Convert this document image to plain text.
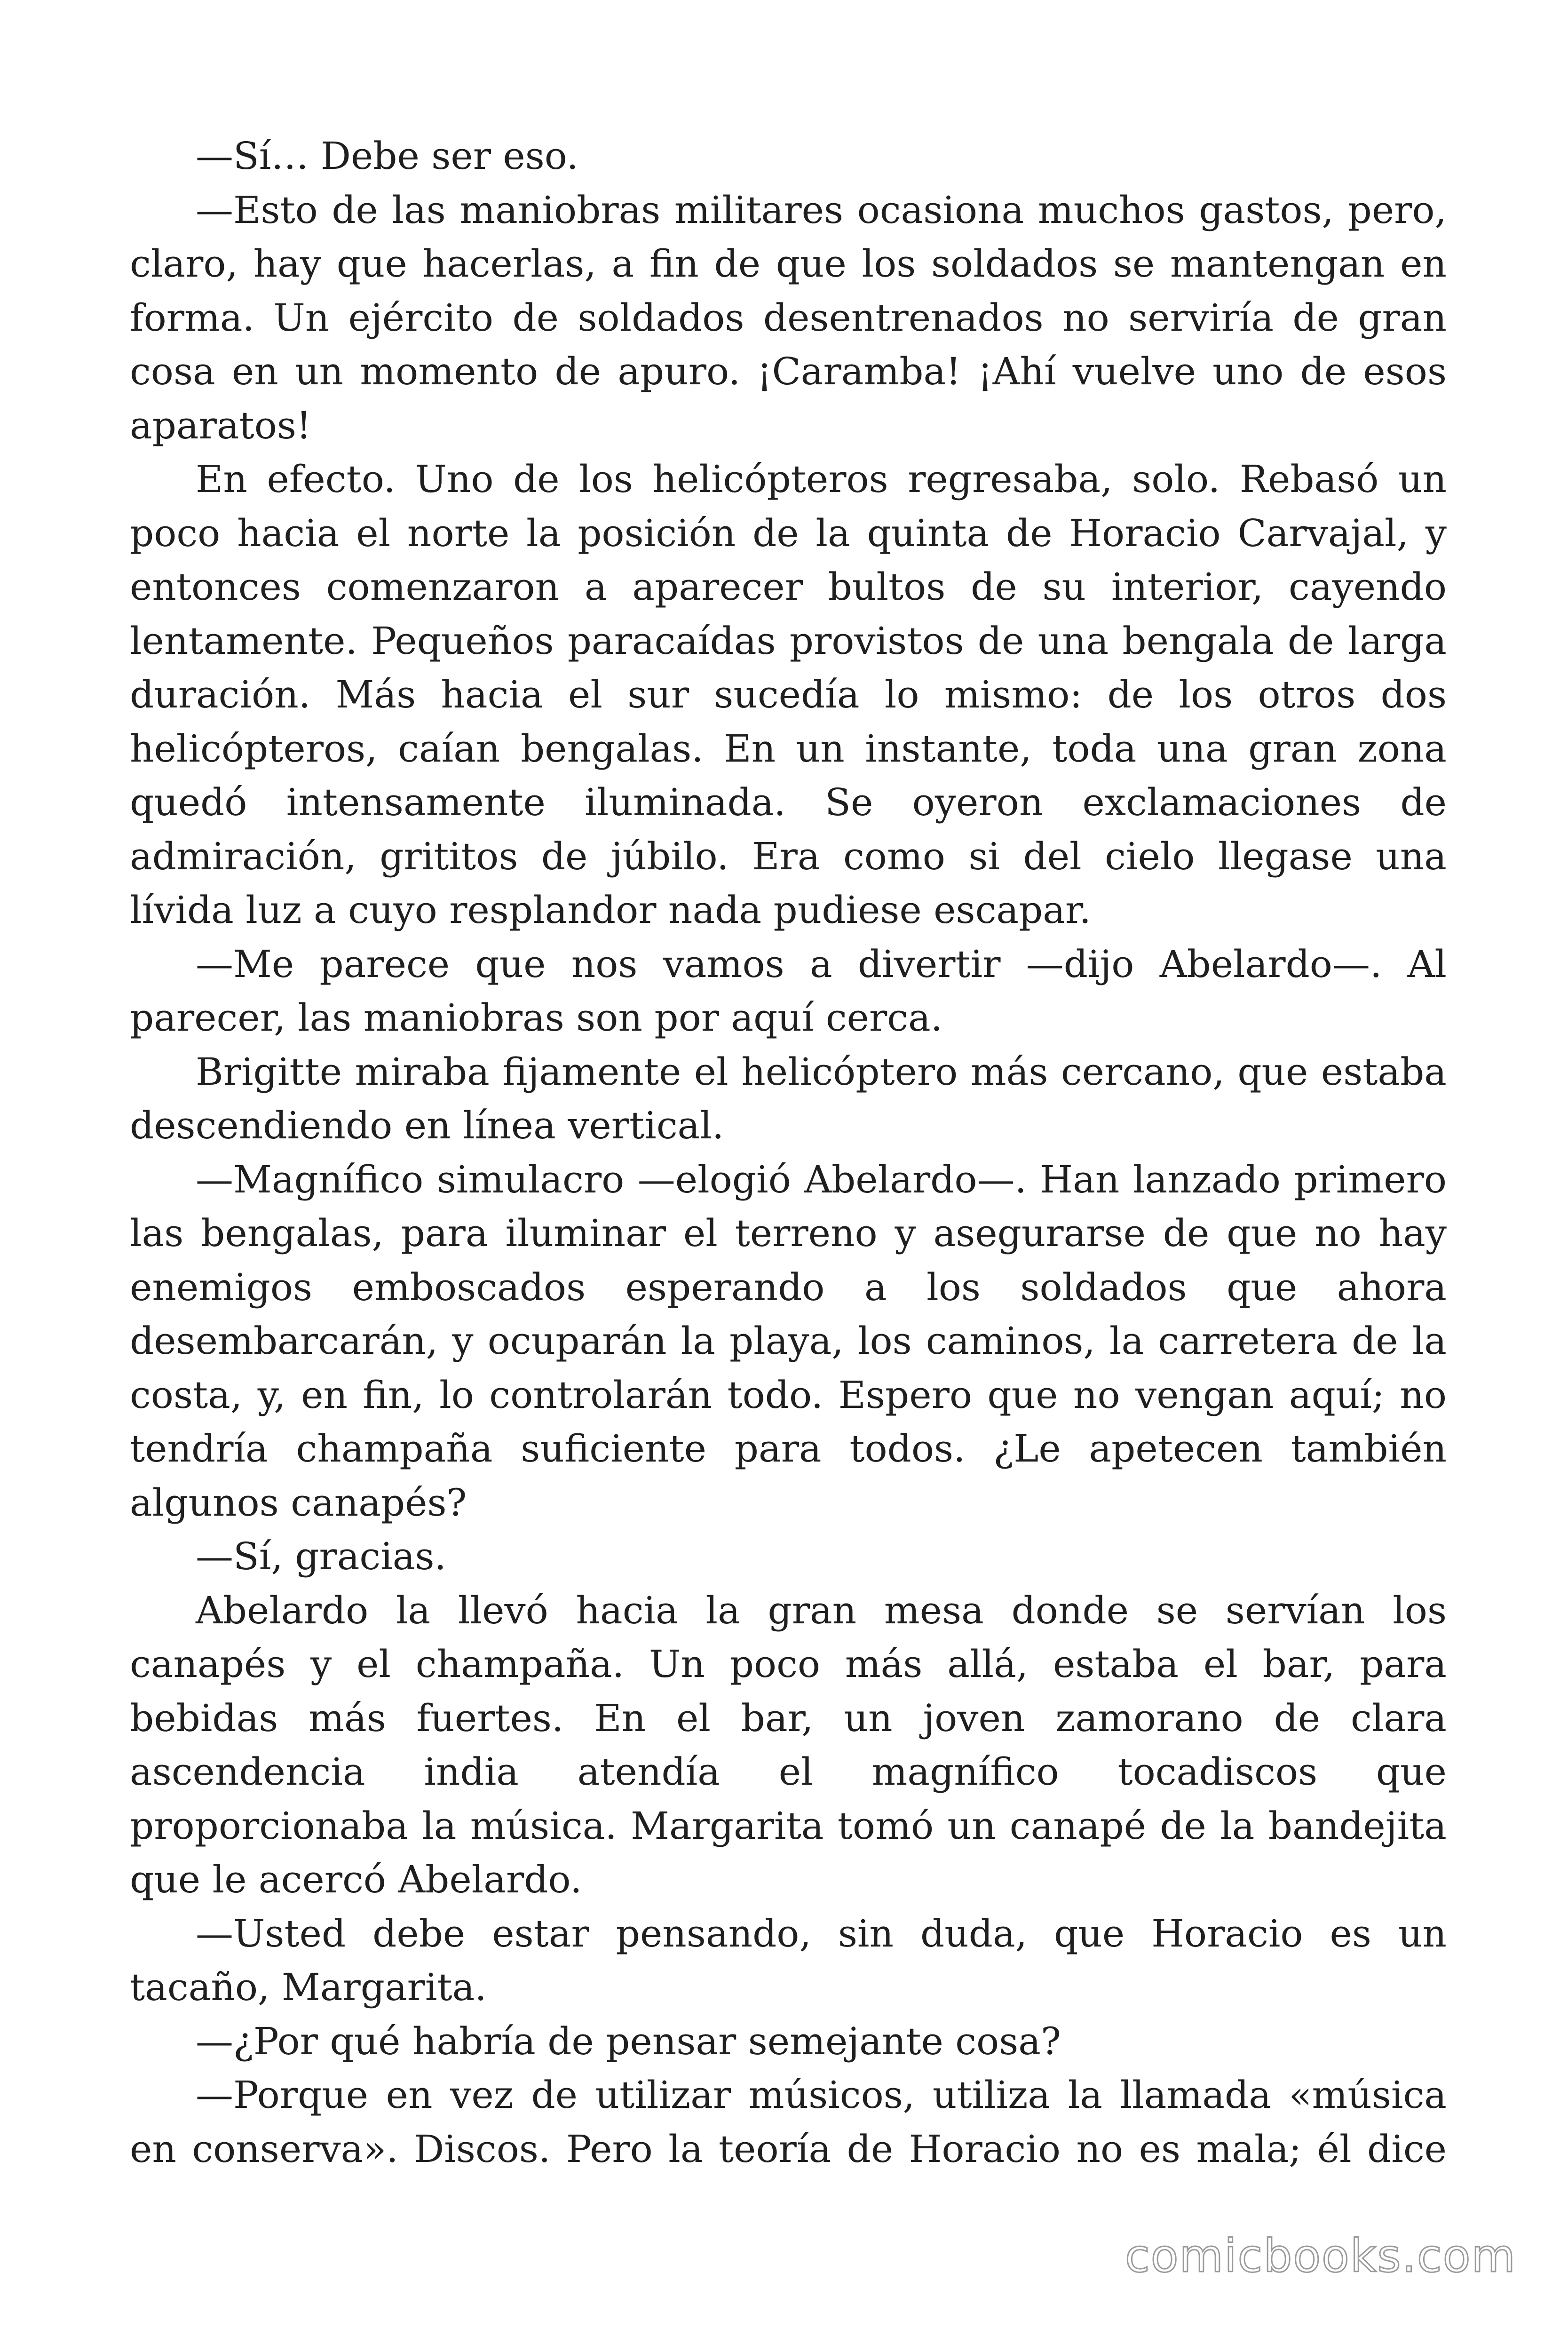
—Sí… Debe ser eso.

—Esto de las maniobras militares ocasiona muchos gastos, pero, claro, hay que hacerlas, a fin de que los soldados se mantengan en forma. Un ejército de soldados desentrenados no serviría de gran cosa en un momento de apuro. ¡Caramba! ¡Ahí vuelve uno de esos aparatos!

En efecto. Uno de los helicópteros regresaba, solo. Rebasó un poco hacia el norte la posición de la quinta de Horacio Carvajal, y entonces comenzaron a aparecer bultos de su interior, cayendo lentamente. Pequeños paracaídas provistos de una bengala de larga duración. Más hacia el sur sucedía lo mismo: de los otros dos helicópteros, caían bengalas. En un instante, toda una gran zona quedó intensamente iluminada. Se oyeron exclamaciones de admiración, grititos de júbilo. Era como si del cielo llegase una lívida luz a cuyo resplandor nada pudiese escapar.

—Me parece que nos vamos a divertir —dijo Abelardo—. Al parecer, las maniobras son por aquí cerca.

Brigitte miraba fijamente el helicóptero más cercano, que estaba descendiendo en línea vertical.

—Magnífico simulacro —elogió Abelardo—. Han lanzado primero las bengalas, para iluminar el terreno y asegurarse de que no hay enemigos emboscados esperando a los soldados que ahora desembarcarán, y ocuparán la playa, los caminos, la carretera de la costa, y, en fin, lo controlarán todo. Espero que no vengan aquí; no tendría champaña suficiente para todos. ¿Le apetecen también algunos canapés?

—Sí, gracias.

Abelardo la llevó hacia la gran mesa donde se servían los canapés y el champaña. Un poco más allá, estaba el bar, para bebidas más fuertes. En el bar, un joven zamorano de clara ascendencia india atendía el magnífico tocadiscos que proporcionaba la música. Margarita tomó un canapé de la bandejita que le acercó Abelardo.

—Usted debe estar pensando, sin duda, que Horacio es un tacaño, Margarita.

—¿Por qué habría de pensar semejante cosa?

—Porque en vez de utilizar músicos, utiliza la llamada «música en conserva». Discos. Pero la teoría de Horacio no es mala; él dice

comicbooks.com
